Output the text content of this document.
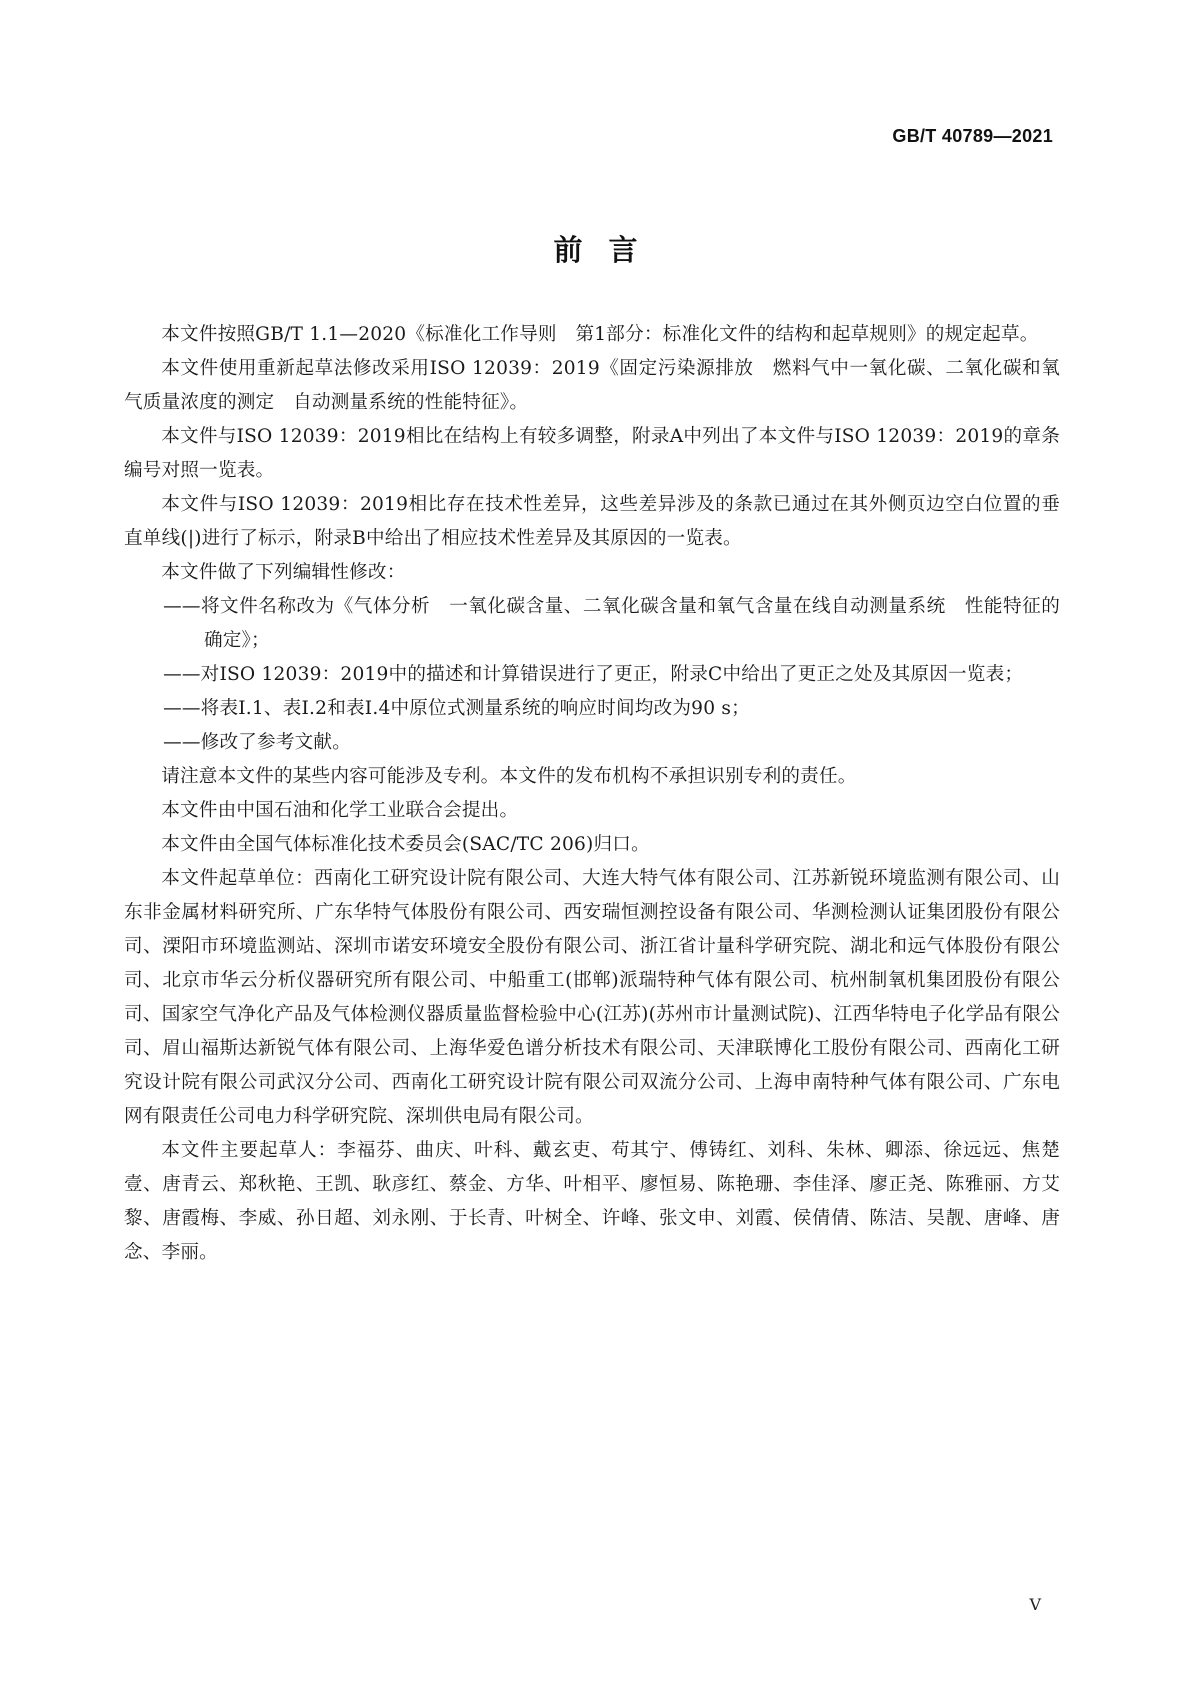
GB/T 40789—2021
前言

本文件按照GB/T 1.1—2020《标准化工作导则　第1部分：标准化文件的结构和起草规则》的规定起草。

本文件使用重新起草法修改采用ISO 12039：2019《固定污染源排放　燃料气中一氧化碳、二氧化碳和氧气质量浓度的测定　自动测量系统的性能特征》。

本文件与ISO 12039：2019相比在结构上有较多调整，附录A中列出了本文件与ISO 12039：2019的章条编号对照一览表。

本文件与ISO 12039：2019相比存在技术性差异，这些差异涉及的条款已通过在其外侧页边空白位置的垂直单线(|)进行了标示，附录B中给出了相应技术性差异及其原因的一览表。

本文件做了下列编辑性修改：

——将文件名称改为《气体分析　一氧化碳含量、二氧化碳含量和氧气含量在线自动测量系统　性能特征的确定》；

——对ISO 12039：2019中的描述和计算错误进行了更正，附录C中给出了更正之处及其原因一览表；

——将表I.1、表I.2和表I.4中原位式测量系统的响应时间均改为90 s；

——修改了参考文献。

请注意本文件的某些内容可能涉及专利。本文件的发布机构不承担识别专利的责任。

本文件由中国石油和化学工业联合会提出。

本文件由全国气体标准化技术委员会(SAC/TC 206)归口。

本文件起草单位：西南化工研究设计院有限公司、大连大特气体有限公司、江苏新锐环境监测有限公司、山东非金属材料研究所、广东华特气体股份有限公司、西安瑞恒测控设备有限公司、华测检测认证集团股份有限公司、溧阳市环境监测站、深圳市诺安环境安全股份有限公司、浙江省计量科学研究院、湖北和远气体股份有限公司、北京市华云分析仪器研究所有限公司、中船重工(邯郸)派瑞特种气体有限公司、杭州制氧机集团股份有限公司、国家空气净化产品及气体检测仪器质量监督检验中心(江苏)(苏州市计量测试院)、江西华特电子化学品有限公司、眉山福斯达新锐气体有限公司、上海华爱色谱分析技术有限公司、天津联博化工股份有限公司、西南化工研究设计院有限公司武汉分公司、西南化工研究设计院有限公司双流分公司、上海申南特种气体有限公司、广东电网有限责任公司电力科学研究院、深圳供电局有限公司。

本文件主要起草人：李福芬、曲庆、叶科、戴玄吏、苟其宁、傅铸红、刘科、朱林、卿添、徐远远、焦楚壹、唐青云、郑秋艳、王凯、耿彦红、蔡金、方华、叶相平、廖恒易、陈艳珊、李佳泽、廖正尧、陈雅丽、方艾黎、唐霞梅、李威、孙日超、刘永刚、于长青、叶树全、许峰、张文申、刘霞、侯倩倩、陈洁、吴靓、唐峰、唐念、李丽。

V
